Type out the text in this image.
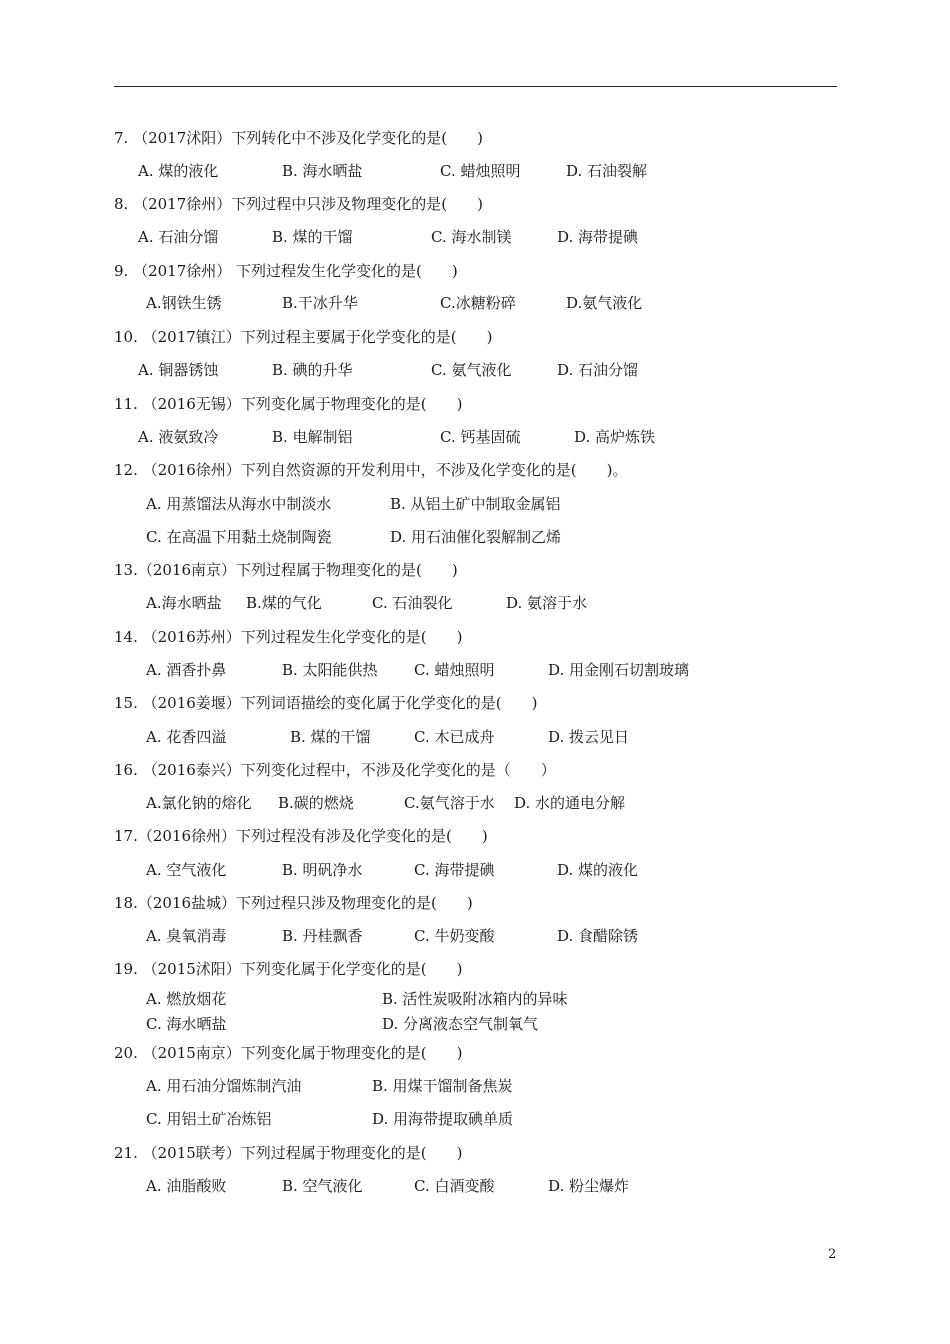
7. （2017沭阳）下列转化中不涉及化学变化的是(　　)
A. 煤的液化	B. 海水晒盐	C. 蜡烛照明	D. 石油裂解
8. （2017徐州）下列过程中只涉及物理变化的是(　　)
A. 石油分馏	B. 煤的干馏	C. 海水制镁	D. 海带提碘
9. （2017徐州） 下列过程发生化学变化的是(　　)
A.钢铁生锈	B.干冰升华	C.冰糖粉碎	D.氨气液化
10. （2017镇江）下列过程主要属于化学变化的是(　　)
A. 铜器锈蚀	B. 碘的升华	C. 氨气液化	D. 石油分馏
11. （2016无锡）下列变化属于物理变化的是(　　)
A. 液氨致冷	B. 电解制铝	C. 钙基固硫	D. 高炉炼铁
12. （2016徐州）下列自然资源的开发利用中，不涉及化学变化的是(　　)。
A. 用蒸馏法从海水中制淡水	B. 从铝土矿中制取金属铝
C. 在高温下用黏土烧制陶瓷	D. 用石油催化裂解制乙烯
13.（2016南京）下列过程属于物理变化的是(　　)
A.海水晒盐 B.煤的气化	C. 石油裂化	D. 氨溶于水
14. （2016苏州）下列过程发生化学变化的是(　　)
A. 酒香扑鼻	B. 太阳能供热 C. 蜡烛照明	D. 用金刚石切割玻璃
15. （2016姜堰）下列词语描绘的变化属于化学变化的是(　　)
A. 花香四溢	B. 煤的干馏	C. 木已成舟	D. 拨云见日
16. （2016泰兴）下列变化过程中，不涉及化学变化的是（　　）
A.氯化钠的熔化 B.碳的燃烧	C.氨气溶于水 D. 水的通电分解
17.（2016徐州）下列过程没有涉及化学变化的是(　　)
A. 空气液化	B. 明矾净水	C. 海带提碘	D. 煤的液化
18.（2016盐城）下列过程只涉及物理变化的是(　　)
A. 臭氧消毒	B. 丹桂飘香	C. 牛奶变酸	D. 食醋除锈
19. （2015沭阳）下列变化属于化学变化的是(　　)
A. 燃放烟花	B. 活性炭吸附冰箱内的异味
C. 海水晒盐	D. 分离液态空气制氧气
20. （2015南京）下列变化属于物理变化的是(　　)
A. 用石油分馏炼制汽油	B. 用煤干馏制备焦炭
C. 用铝土矿冶炼铝	D. 用海带提取碘单质
21. （2015联考）下列过程属于物理变化的是(　　)
A. 油脂酸败	B. 空气液化	C. 白酒变酸	D. 粉尘爆炸
2
